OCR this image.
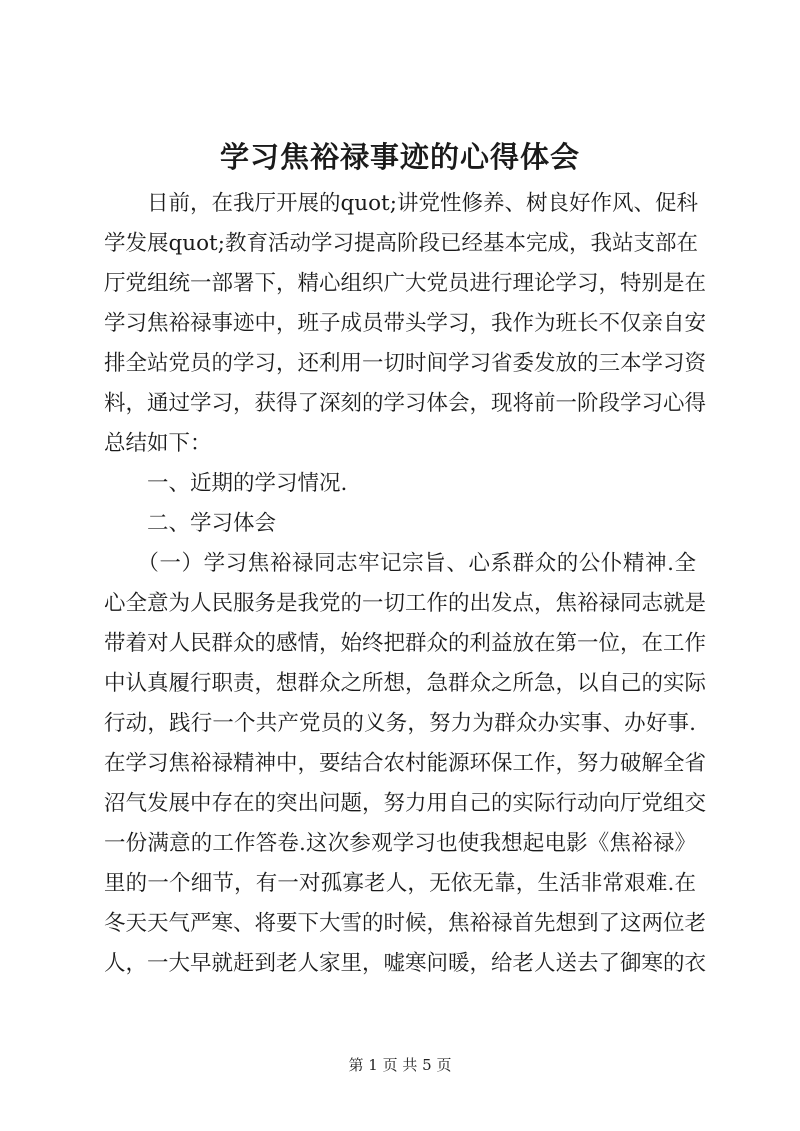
学习焦裕禄事迹的心得体会
　　日前，在我厅开展的quot;讲党性修养、树良好作风、促科
学发展quot;教育活动学习提高阶段已经基本完成，我站支部在
厅党组统一部署下，精心组织广大党员进行理论学习，特别是在
学习焦裕禄事迹中，班子成员带头学习，我作为班长不仅亲自安
排全站党员的学习，还利用一切时间学习省委发放的三本学习资
料，通过学习，获得了深刻的学习体会，现将前一阶段学习心得
总结如下：
　　一、近期的学习情况.
　　二、学习体会
　　（一）学习焦裕禄同志牢记宗旨、心系群众的公仆精神.全
心全意为人民服务是我党的一切工作的出发点，焦裕禄同志就是
带着对人民群众的感情，始终把群众的利益放在第一位，在工作
中认真履行职责，想群众之所想，急群众之所急，以自己的实际
行动，践行一个共产党员的义务，努力为群众办实事、办好事.
在学习焦裕禄精神中，要结合农村能源环保工作，努力破解全省
沼气发展中存在的突出问题，努力用自己的实际行动向厅党组交
一份满意的工作答卷.这次参观学习也使我想起电影《焦裕禄》
里的一个细节，有一对孤寡老人，无依无靠，生活非常艰难.在
冬天天气严寒、将要下大雪的时候，焦裕禄首先想到了这两位老
人，一大早就赶到老人家里，嘘寒问暖，给老人送去了御寒的衣
第 1 页 共 5 页
